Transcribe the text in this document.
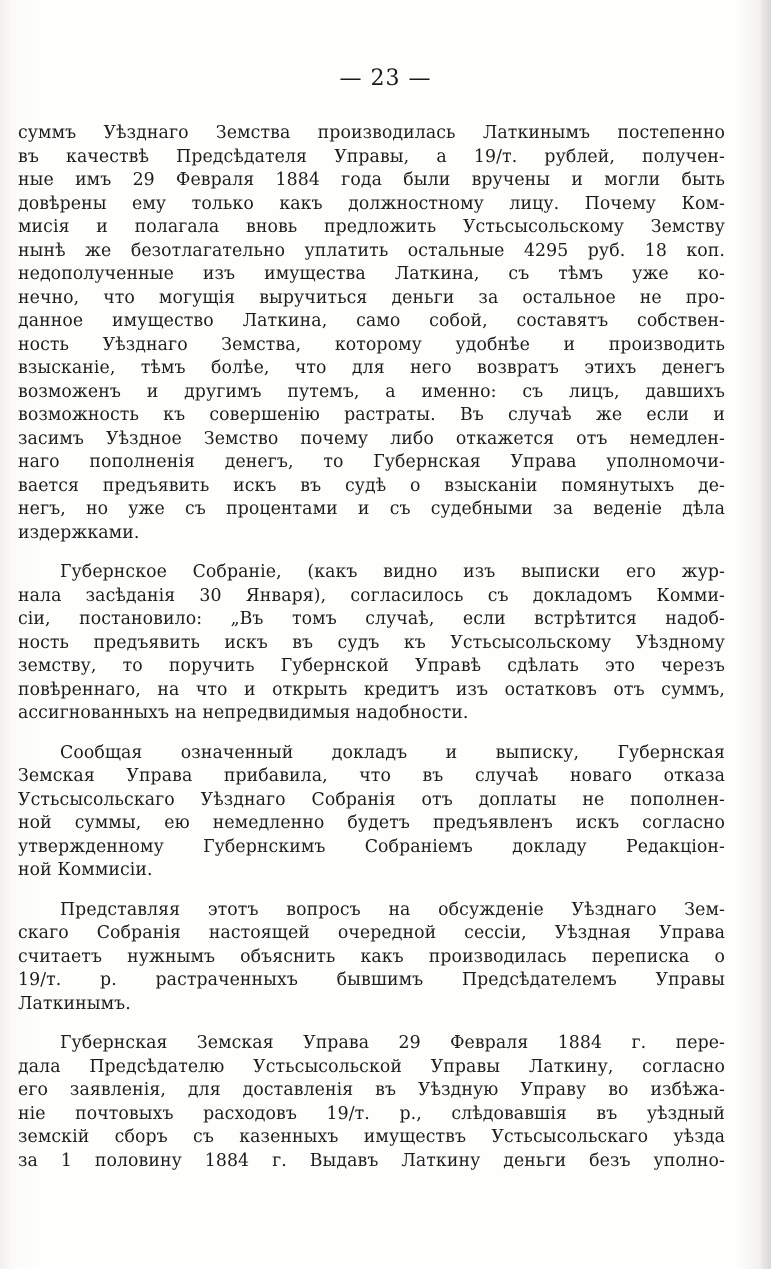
— 23 —
суммъ Уѣзднаго Земства производилась Латкинымъ постепенно
въ качествѣ Предсѣдателя Управы, а 19/т. рублей, получен-
ные имъ 29 Февраля 1884 года были вручены и могли быть
довѣрены ему только какъ должностному лицу. Почему Ком-
мисія и полагала вновь предложить Устьсысольскому Земству
нынѣ же безотлагательно уплатить остальные 4295 руб. 18 коп.
недополученные изъ имущества Латкина, съ тѣмъ уже ко-
нечно, что могущія выручиться деньги за остальное не про-
данное имущество Латкина, само собой, составятъ собствен-
ность Уѣзднаго Земства, которому удобнѣе и производить
взысканіе, тѣмъ болѣе, что для него возвратъ этихъ денегъ
возможенъ и другимъ путемъ, а именно: съ лицъ, давшихъ
возможность къ совершенію растраты. Въ случаѣ же если и
засимъ Уѣздное Земство почему либо откажется отъ немедлен-
наго пополненія денегъ, то Губернская Управа уполномочи-
вается предъявить искъ въ судѣ о взысканіи помянутыхъ де-
негъ, но уже съ процентами и съ судебными за веденіе дѣла
издержками.
Губернское Собраніе, (какъ видно изъ выписки его жур-
нала засѣданія 30 Января), согласилось съ докладомъ Комми-
сіи, постановило: „Въ томъ случаѣ, если встрѣтится надоб-
ность предъявить искъ въ судъ къ Устьсысольскому Уѣздному
земству, то поручить Губернской Управѣ сдѣлать это черезъ
повѣреннаго, на что и открыть кредитъ изъ остатковъ отъ суммъ,
ассигнованныхъ на непредвидимыя надобности.
Сообщая означенный докладъ и выписку, Губернская
Земская Управа прибавила, что въ случаѣ новаго отказа
Устьсысольскаго Уѣзднаго Собранія отъ доплаты не пополнен-
ной суммы, ею немедленно будетъ предъявленъ искъ согласно
утвержденному Губернскимъ Собраніемъ докладу Редакціон-
ной Коммисіи.
Представляя этотъ вопросъ на обсужденіе Уѣзднаго Зем-
скаго Собранія настоящей очередной сессіи, Уѣздная Управа
считаетъ нужнымъ объяснить какъ производилась переписка о
19/т. р. растраченныхъ бывшимъ Предсѣдателемъ Управы
Латкинымъ.
Губернская Земская Управа 29 Февраля 1884 г. пере-
дала Предсѣдателю Устьсысольской Управы Латкину, согласно
его заявленія, для доставленія въ Уѣздную Управу во избѣжа-
ніе почтовыхъ расходовъ 19/т. р., слѣдовавшія въ уѣздный
земскій сборъ съ казенныхъ имуществъ Устьсысольскаго уѣзда
за 1 половину 1884 г. Выдавъ Латкину деньги безъ уполно-
